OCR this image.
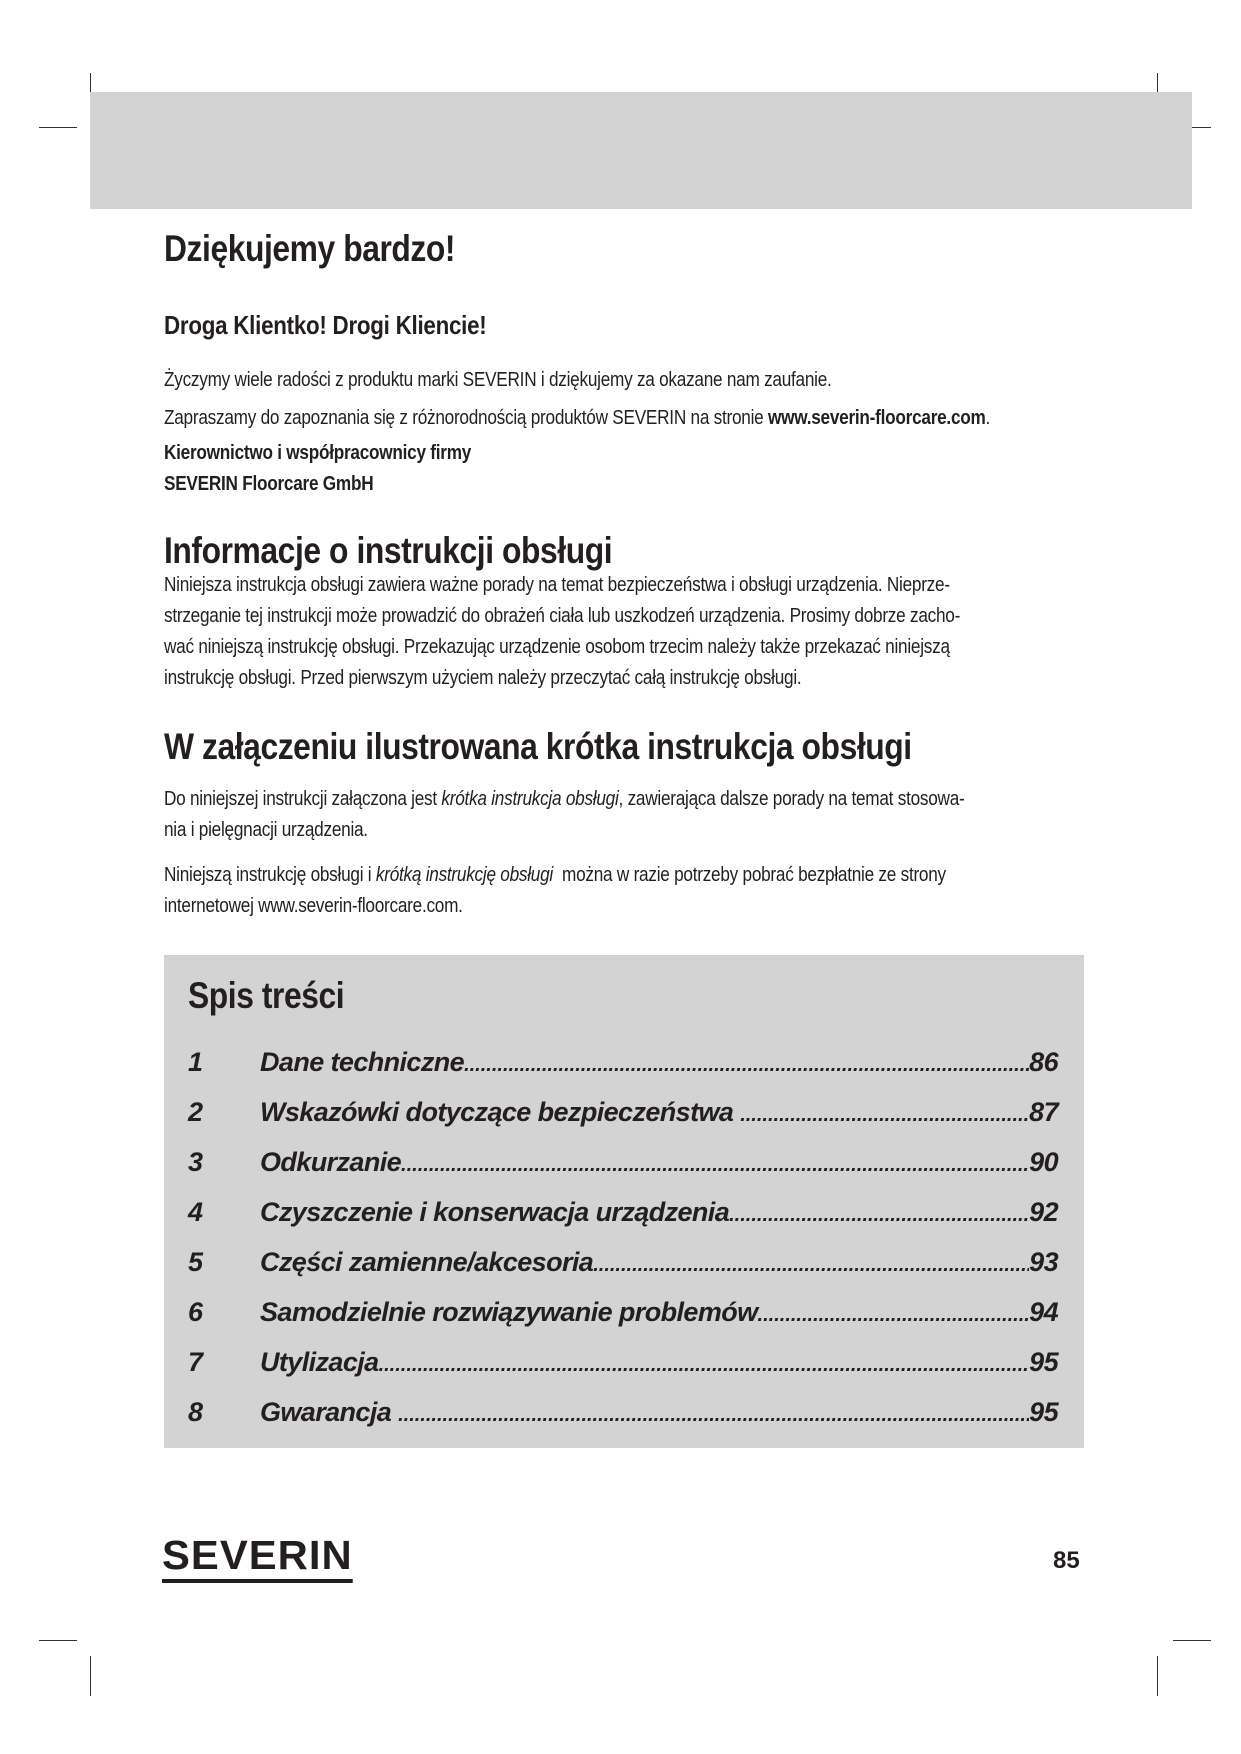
Dziękujemy bardzo!
Droga Klientko! Drogi Kliencie!
Życzymy wiele radości z produktu marki SEVERIN i dziękujemy za okazane nam zaufanie.
Zapraszamy do zapoznania się z różnorodnością produktów SEVERIN na stronie www.severin-floorcare.com.
Kierownictwo i współpracownicy firmy
SEVERIN Floorcare GmbH
Informacje o instrukcji obsługi
Niniejsza instrukcja obsługi zawiera ważne porady na temat bezpieczeństwa i obsługi urządzenia. Nieprze-
strzeganie tej instrukcji może prowadzić do obrażeń ciała lub uszkodzeń urządzenia. Prosimy dobrze zacho-
wać niniejszą instrukcję obsługi. Przekazując urządzenie osobom trzecim należy także przekazać niniejszą
instrukcję obsługi. Przed pierwszym użyciem należy przeczytać całą instrukcję obsługi.
W załączeniu ilustrowana krótka instrukcja obsługi
Do niniejszej instrukcji załączona jest krótka instrukcja obsługi, zawierająca dalsze porady na temat stosowa-
nia i pielęgnacji urządzenia.
Niniejszą instrukcję obsługi i krótką instrukcję obsługi  można w razie potrzeby pobrać bezpłatnie ze strony
internetowej www.severin-floorcare.com.
Spis treści
1	Dane techniczne .....	86
2	Wskazówki dotyczące bezpieczeństwa .....	87
3	Odkurzanie .....	90
4	Czyszczenie i konserwacja urządzenia .....	92
5	Części zamienne/akcesoria .....	93
6	Samodzielnie rozwiązywanie problemów .....	94
7	Utylizacja .....	95
8	Gwarancja .....	95
SEVERIN	85
